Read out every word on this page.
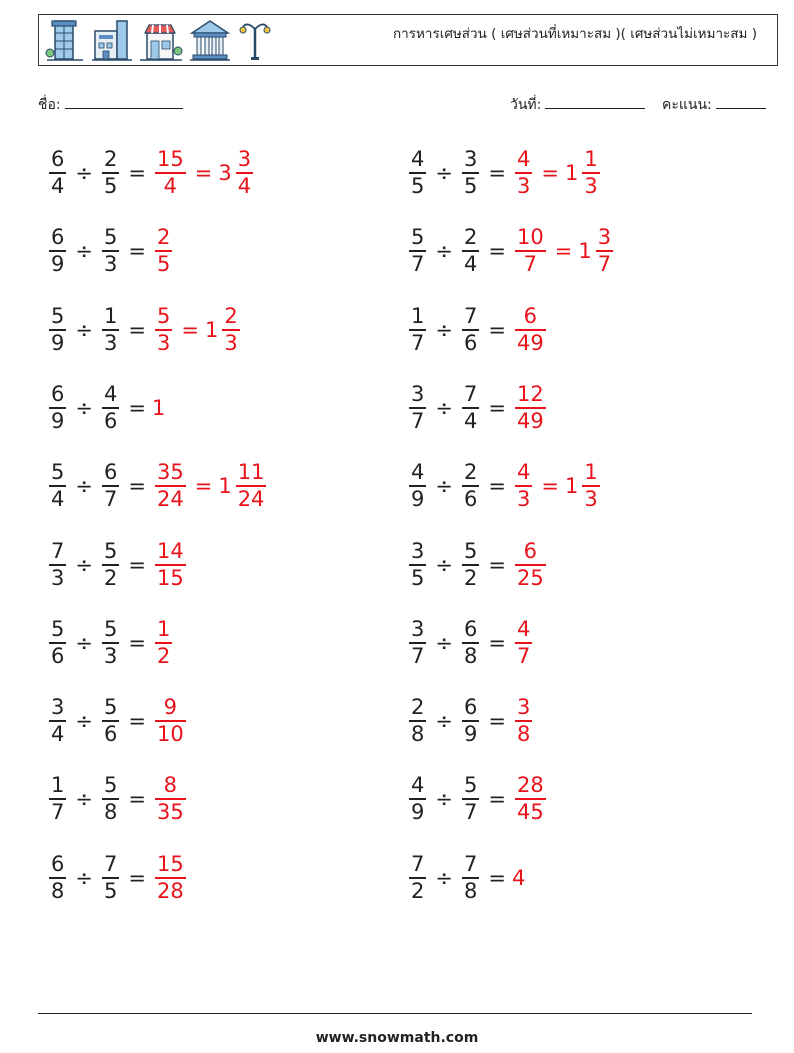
การหารเศษส่วน ( เศษส่วนที่เหมาะสม )( เศษส่วนไม่เหมาะสม )
ชื่อ:	วันที่:	คะแนน:
$\frac{6}{4} \div \frac{2}{5} = \frac{15}{4} = 3 \frac{3}{4}$	$\frac{4}{5} \div \frac{3}{5} = \frac{4}{3} = 1 \frac{1}{3}$
$\frac{6}{9} \div \frac{5}{3} = \frac{2}{5}$	$\frac{5}{7} \div \frac{2}{4} = \frac{10}{7} = 1 \frac{3}{7}$
$\frac{5}{9} \div \frac{1}{3} = \frac{5}{3} = 1 \frac{2}{3}$	$\frac{1}{7} \div \frac{7}{6} = \frac{6}{49}$
$\frac{6}{9} \div \frac{4}{6} = 1$	$\frac{3}{7} \div \frac{7}{4} = \frac{12}{49}$
$\frac{5}{4} \div \frac{6}{7} = \frac{35}{24} = 1 \frac{11}{24}$	$\frac{4}{9} \div \frac{2}{6} = \frac{4}{3} = 1 \frac{1}{3}$
$\frac{7}{3} \div \frac{5}{2} = \frac{14}{15}$	$\frac{3}{5} \div \frac{5}{2} = \frac{6}{25}$
$\frac{5}{6} \div \frac{5}{3} = \frac{1}{2}$	$\frac{3}{7} \div \frac{6}{8} = \frac{4}{7}$
$\frac{3}{4} \div \frac{5}{6} = \frac{9}{10}$	$\frac{2}{8} \div \frac{6}{9} = \frac{3}{8}$
$\frac{1}{7} \div \frac{5}{8} = \frac{8}{35}$	$\frac{4}{9} \div \frac{5}{7} = \frac{28}{45}$
$\frac{6}{8} \div \frac{7}{5} = \frac{15}{28}$	$\frac{7}{2} \div \frac{7}{8} = 4$
www.snowmath.com
